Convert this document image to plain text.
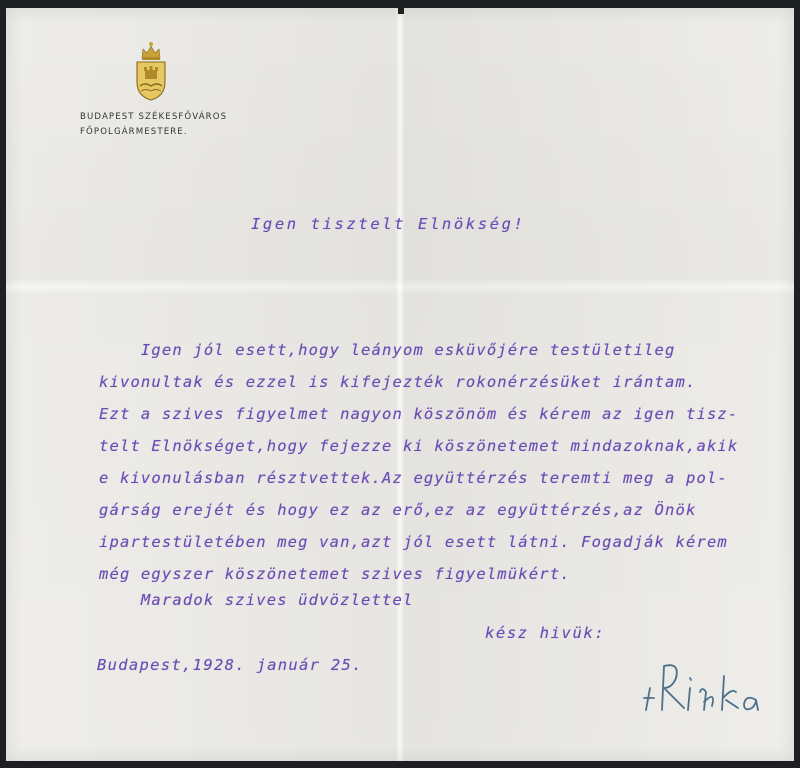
BUDAPEST SZÉKESFŐVÁROS
FŐPOLGÁRMESTERE.
Igen tisztelt Elnökség!
Igen jól esett,hogy leányom esküvőjére testületileg
kivonultak és ezzel is kifejezték rokonérzésüket irántam.
Ezt a szives figyelmet nagyon köszönöm és kérem az igen tisz-
telt Elnökséget,hogy fejezze ki köszönetemet mindazoknak,akik
e kivonulásban résztvettek.Az együttérzés teremti meg a pol-
gárság erejét és hogy ez az erő,ez az együttérzés,az Önök
ipartestületében meg van,azt jól esett látni. Fogadják kérem
még egyszer köszönetemet szives figyelmükért.
Maradok szives üdvözlettel
kész hivük:
Budapest,1928. január 25.
